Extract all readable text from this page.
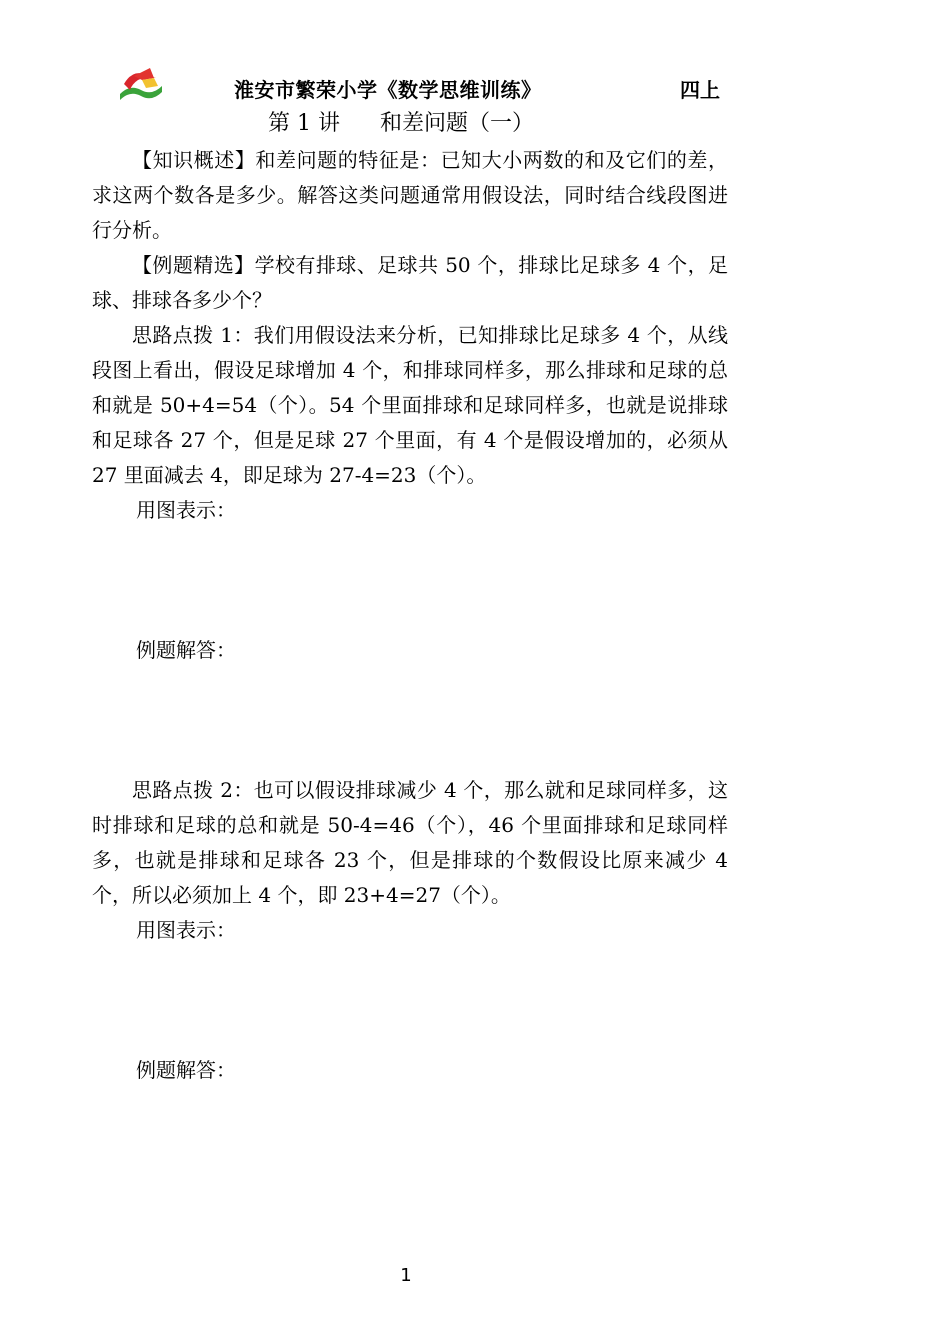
淮安市繁荣小学《数学思维训练》	四上
第 1 讲 和差问题（一）

【知识概述】和差问题的特征是：已知大小两数的和及它们的差，求这两个数各是多少。解答这类问题通常用假设法，同时结合线段图进行分析。

【例题精选】学校有排球、足球共 50 个，排球比足球多 4 个，足球、排球各多少个？

思路点拨 1：我们用假设法来分析，已知排球比足球多 4 个，从线段图上看出，假设足球增加 4 个，和排球同样多，那么排球和足球的总和就是 50+4=54（个）。54 个里面排球和足球同样多，也就是说排球和足球各 27 个，但是足球 27 个里面，有 4 个是假设增加的，必须从 27 里面减去 4，即足球为 27-4=23（个）。

用图表示：

例题解答：

思路点拨 2：也可以假设排球减少 4 个，那么就和足球同样多，这时排球和足球的总和就是 50-4=46（个），46 个里面排球和足球同样多，也就是排球和足球各 23 个，但是排球的个数假设比原来减少 4 个，所以必须加上 4 个，即 23+4=27（个）。

用图表示：

例题解答：

1
